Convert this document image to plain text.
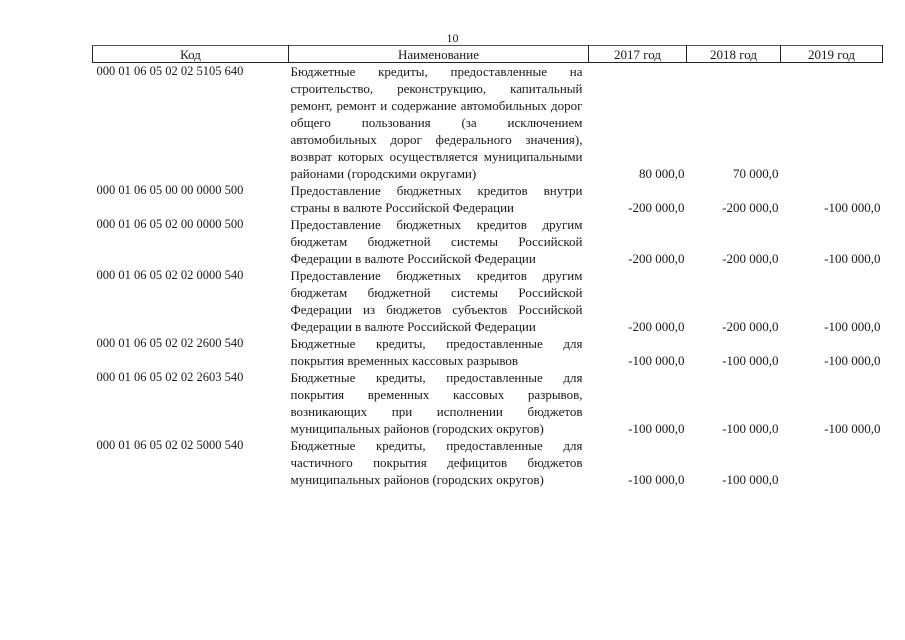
10
Код	Наименование	2017 год	2018 год	2019 год
000 01 06 05 02 02 5105 640	Бюджетные кредиты, предоставленные на строительство, реконструкцию, капитальный ремонт, ремонт и содержание автомобильных дорог общего пользования (за исключением автомобильных дорог федерального значения), возврат которых осуществляется муниципальными районами (городскими округами)	80 000,0	70 000,0	
000 01 06 05 00 00 0000 500	Предоставление бюджетных кредитов внутри страны в валюте Российской Федерации	-200 000,0	-200 000,0	-100 000,0
000 01 06 05 02 00 0000 500	Предоставление бюджетных кредитов другим бюджетам бюджетной системы Российской Федерации в валюте Российской Федерации	-200 000,0	-200 000,0	-100 000,0
000 01 06 05 02 02 0000 540	Предоставление бюджетных кредитов другим бюджетам бюджетной системы Российской Федерации из бюджетов субъектов Российской Федерации в валюте Российской Федерации	-200 000,0	-200 000,0	-100 000,0
000 01 06 05 02 02 2600 540	Бюджетные кредиты, предоставленные для покрытия временных кассовых разрывов	-100 000,0	-100 000,0	-100 000,0
000 01 06 05 02 02 2603 540	Бюджетные кредиты, предоставленные для покрытия временных кассовых разрывов, возникающих при исполнении бюджетов муниципальных районов (городских округов)	-100 000,0	-100 000,0	-100 000,0
000 01 06 05 02 02 5000 540	Бюджетные кредиты, предоставленные для частичного покрытия дефицитов бюджетов муниципальных районов (городских округов)	-100 000,0	-100 000,0	
